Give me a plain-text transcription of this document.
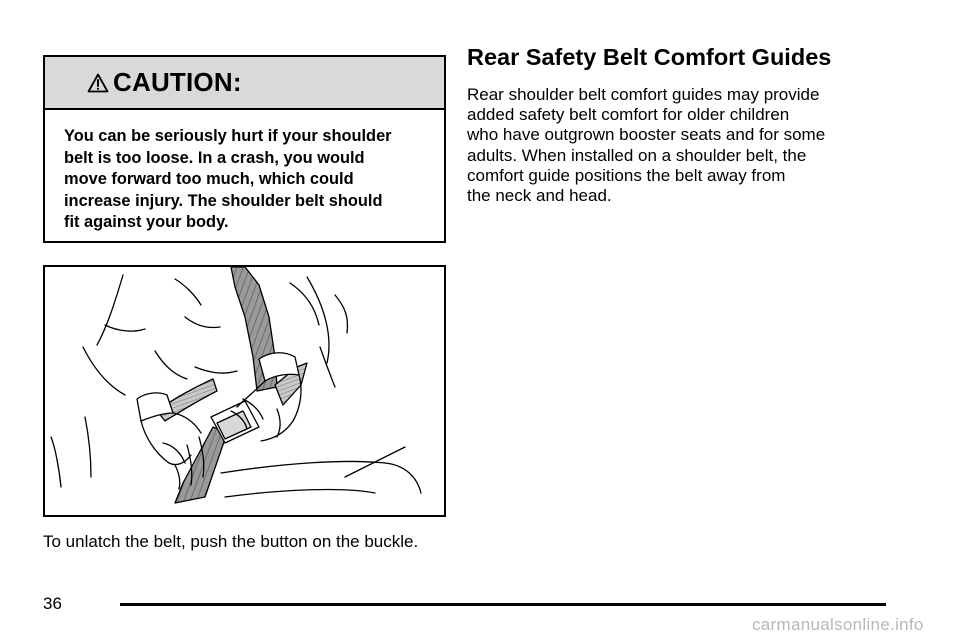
CAUTION:
You can be seriously hurt if your shoulder
belt is too loose. In a crash, you would
move forward too much, which could
increase injury. The shoulder belt should
fit against your body.
To unlatch the belt, push the button on the buckle.
Rear Safety Belt Comfort Guides
Rear shoulder belt comfort guides may provide
added safety belt comfort for older children
who have outgrown booster seats and for some
adults. When installed on a shoulder belt, the
comfort guide positions the belt away from
the neck and head.
36
carmanualsonline.info
